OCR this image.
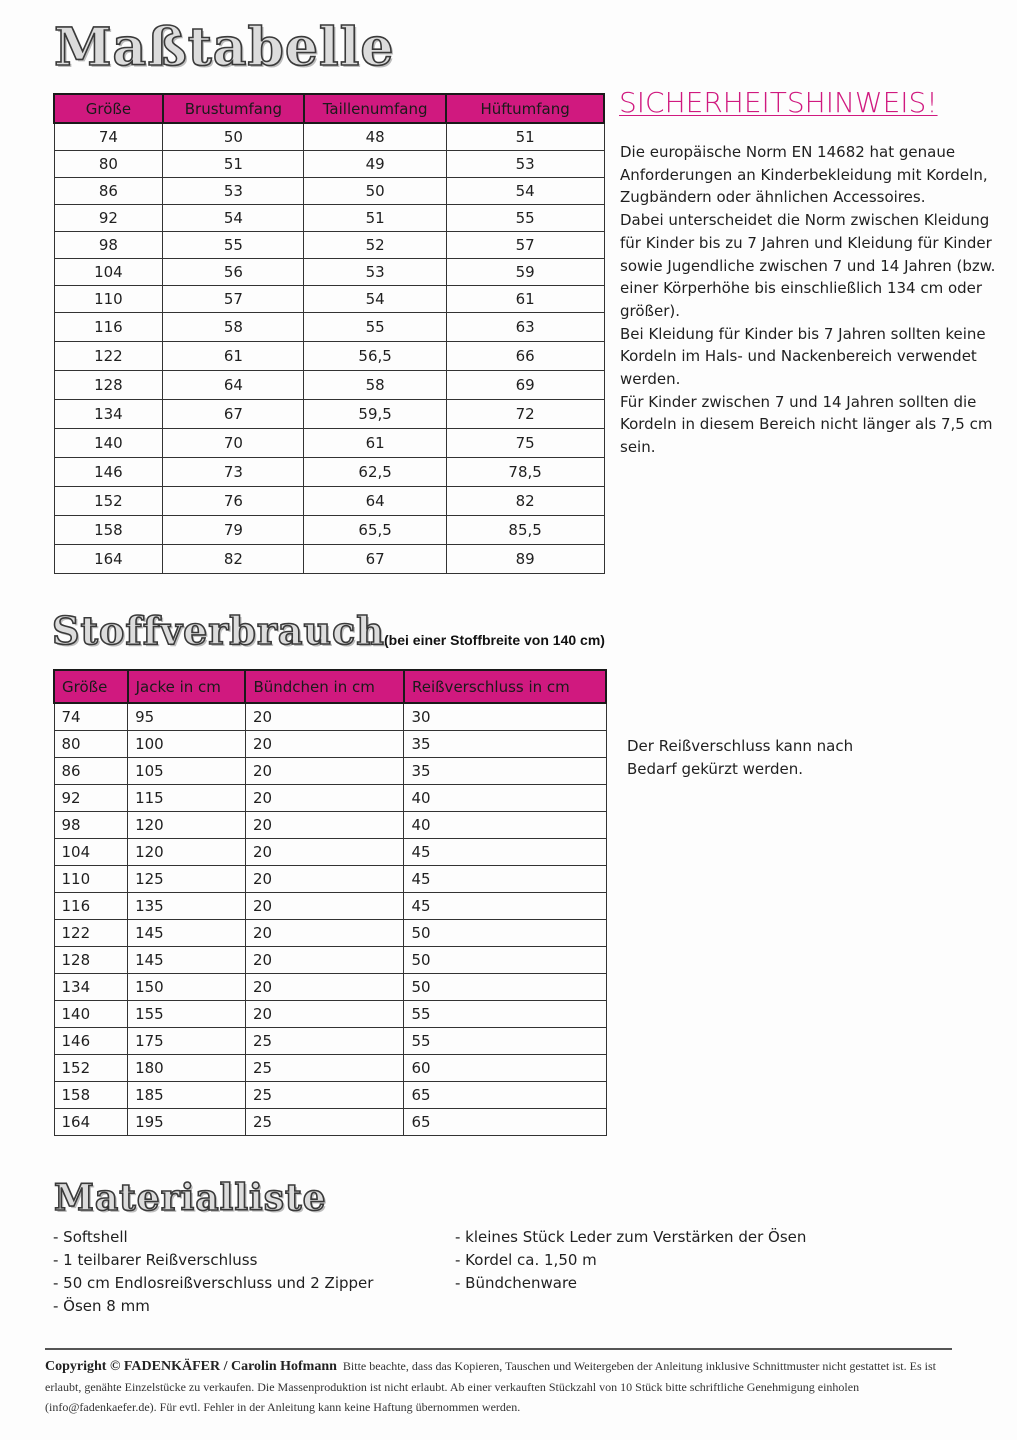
Maßtabelle
Größe	Brustumfang	Taillenumfang	Hüftumfang
74	50	48	51
80	51	49	53
86	53	50	54
92	54	51	55
98	55	52	57
104	56	53	59
110	57	54	61
116	58	55	63
122	61	56,5	66
128	64	58	69
134	67	59,5	72
140	70	61	75
146	73	62,5	78,5
152	76	64	82
158	79	65,5	85,5
164	82	67	89
SICHERHEITSHINWEIS!

Die europäische Norm EN 14682 hat genaue Anforderungen an Kinderbekleidung mit Kordeln, Zugbändern oder ähnlichen Accessoires.

Dabei unterscheidet die Norm zwischen Kleidung für Kinder bis zu 7 Jahren und Kleidung für Kinder sowie Jugendliche zwischen 7 und 14 Jahren (bzw. einer Körperhöhe bis einschließlich 134 cm oder größer).

Bei Kleidung für Kinder bis 7 Jahren sollten keine Kordeln im Hals- und Nackenbereich verwendet werden.

Für Kinder zwischen 7 und 14 Jahren sollten die Kordeln in diesem Bereich nicht länger als 7,5 cm sein.

Stoffverbrauch (bei einer Stoffbreite von 140 cm)
Größe	Jacke in cm	Bündchen in cm	Reißverschluss in cm
74	95	20	30
80	100	20	35
86	105	20	35
92	115	20	40
98	120	20	40
104	120	20	45
110	125	20	45
116	135	20	45
122	145	20	50
128	145	20	50
134	150	20	50
140	155	20	55
146	175	25	55
152	180	25	60
158	185	25	65
164	195	25	65

Der Reißverschluss kann nach Bedarf gekürzt werden.

Materialliste
- Softshell
- 1 teilbarer Reißverschluss
- 50 cm Endlosreißverschluss und 2 Zipper
- Ösen 8 mm
- kleines Stück Leder zum Verstärken der Ösen
- Kordel ca. 1,50 m
- Bündchenware

Copyright © FADENKÄFER / Carolin Hofmann Bitte beachte, dass das Kopieren, Tauschen und Weitergeben der Anleitung inklusive Schnittmuster nicht gestattet ist. Es ist erlaubt, genähte Einzelstücke zu verkaufen. Die Massenproduktion ist nicht erlaubt. Ab einer verkauften Stückzahl von 10 Stück bitte schriftliche Genehmigung einholen (info@fadenkaefer.de). Für evtl. Fehler in der Anleitung kann keine Haftung übernommen werden.
